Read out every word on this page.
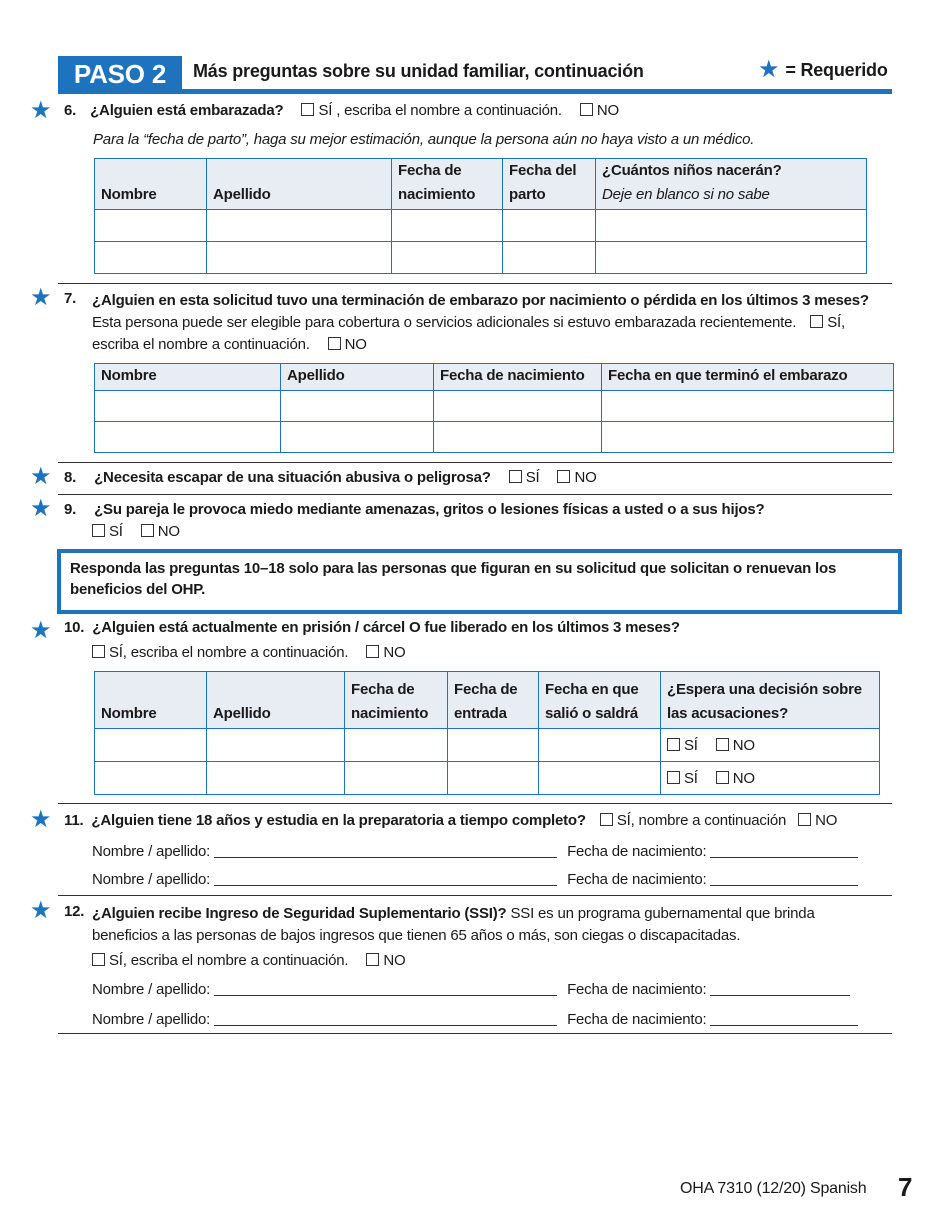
PASO 2	Más preguntas sobre su unidad familiar, continuación	★ = Requerido
★ 6. ¿Alguien está embarazada? SÍ , escriba el nombre a continuación. NO
Para la “fecha de parto”, haga su mejor estimación, aunque la persona aún no haya visto a un médico.
Nombre	Apellido	Fecha de nacimiento	Fecha del parto	¿Cuántos niños nacerán?
Deje en blanco si no sabe

★ 7. ¿Alguien en esta solicitud tuvo una terminación de embarazo por nacimiento o pérdida en los últimos 3 meses? Esta persona puede ser elegible para cobertura o servicios adicionales si estuvo embarazada recientemente. SÍ, escriba el nombre a continuación. NO
Nombre	Apellido	Fecha de nacimiento	Fecha en que terminó el embarazo

★ 8. ¿Necesita escapar de una situación abusiva o peligrosa? SÍ NO
★ 9. ¿Su pareja le provoca miedo mediante amenazas, gritos o lesiones físicas a usted o a sus hijos?
SÍ NO
Responda las preguntas 10–18 solo para las personas que figuran en su solicitud que solicitan o renuevan los beneficios del OHP.
★ 10. ¿Alguien está actualmente en prisión / cárcel O fue liberado en los últimos 3 meses?
SÍ, escriba el nombre a continuación. NO
Nombre	Apellido	Fecha de nacimiento	Fecha de entrada	Fecha en que salió o saldrá	¿Espera una decisión sobre las acusaciones?
					SÍ NO
					SÍ NO
★ 11. ¿Alguien tiene 18 años y estudia en la preparatoria a tiempo completo? SÍ, nombre a continuación NO
Nombre / apellido:	Fecha de nacimiento:
Nombre / apellido:	Fecha de nacimiento:
★ 12. ¿Alguien recibe Ingreso de Seguridad Suplementario (SSI)? SSI es un programa gubernamental que brinda beneficios a las personas de bajos ingresos que tienen 65 años o más, son ciegas o discapacitadas.
SÍ, escriba el nombre a continuación. NO
Nombre / apellido:	Fecha de nacimiento:
Nombre / apellido:	Fecha de nacimiento:
OHA 7310 (12/20) Spanish 7
